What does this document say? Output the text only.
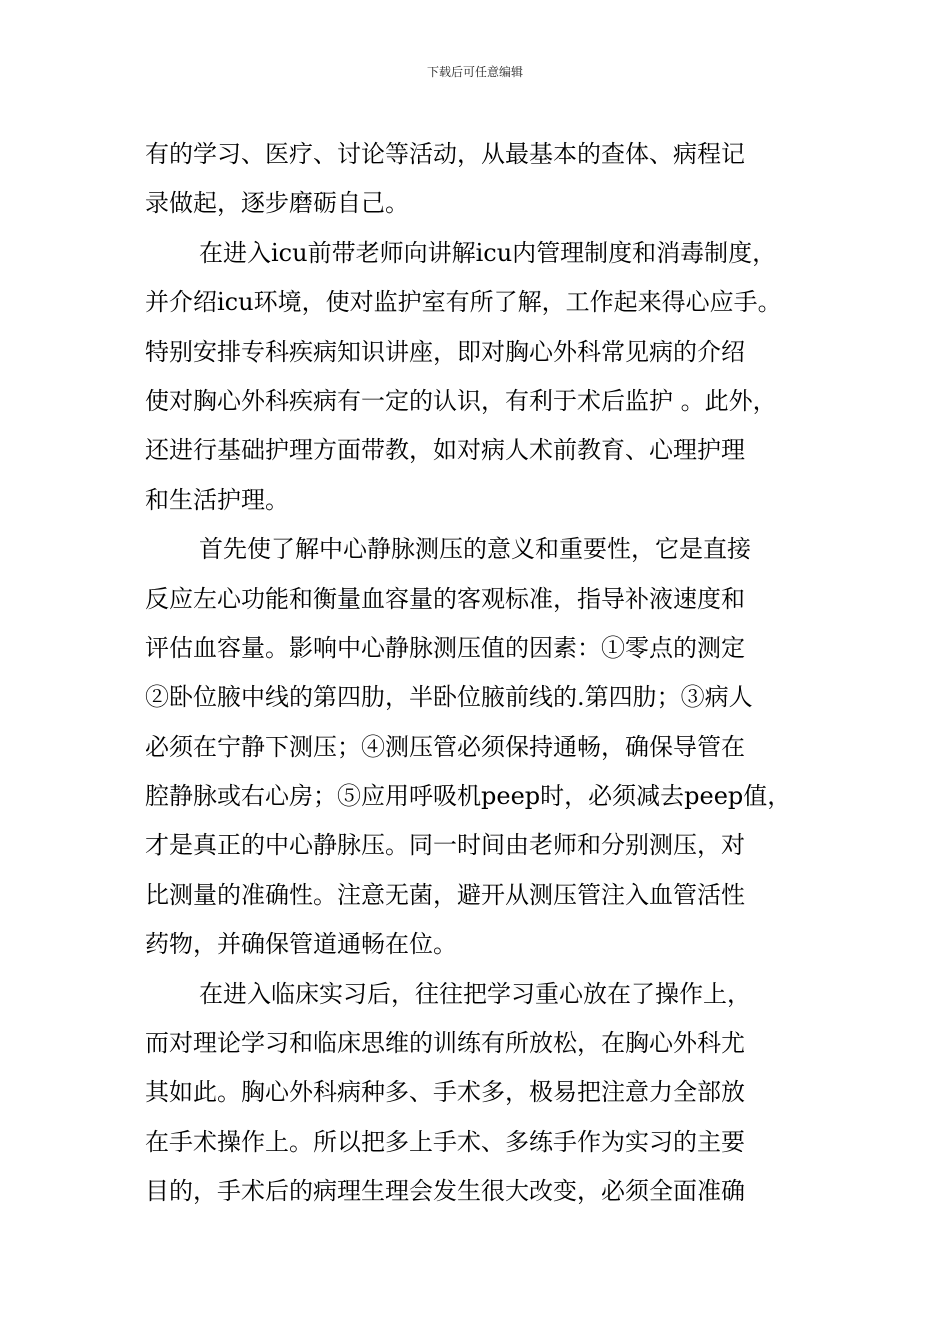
下载后可任意编辑
有的学习、医疗、讨论等活动，从最基本的查体、病程记
录做起，逐步磨砺自己。
在进入icu前带老师向讲解icu内管理制度和消毒制度，
并介绍icu环境，使对监护室有所了解，工作起来得心应手。
特别安排专科疾病知识讲座，即对胸心外科常见病的介绍
使对胸心外科疾病有一定的认识，有利于术后监护 。此外，
还进行基础护理方面带教，如对病人术前教育、心理护理
和生活护理。
首先使了解中心静脉测压的意义和重要性，它是直接
反应左心功能和衡量血容量的客观标准，指导补液速度和
评估血容量。影响中心静脉测压值的因素：①零点的测定
②卧位腋中线的第四肋，半卧位腋前线的.第四肋；③病人
必须在宁静下测压；④测压管必须保持通畅，确保导管在
腔静脉或右心房；⑤应用呼吸机peep时，必须减去peep值，
才是真正的中心静脉压。同一时间由老师和分别测压，对
比测量的准确性。注意无菌，避开从测压管注入血管活性
药物，并确保管道通畅在位。
在进入临床实习后，往往把学习重心放在了操作上，
而对理论学习和临床思维的训练有所放松，在胸心外科尤
其如此。胸心外科病种多、手术多，极易把注意力全部放
在手术操作上。所以把多上手术、多练手作为实习的主要
目的，手术后的病理生理会发生很大改变，必须全面准确
